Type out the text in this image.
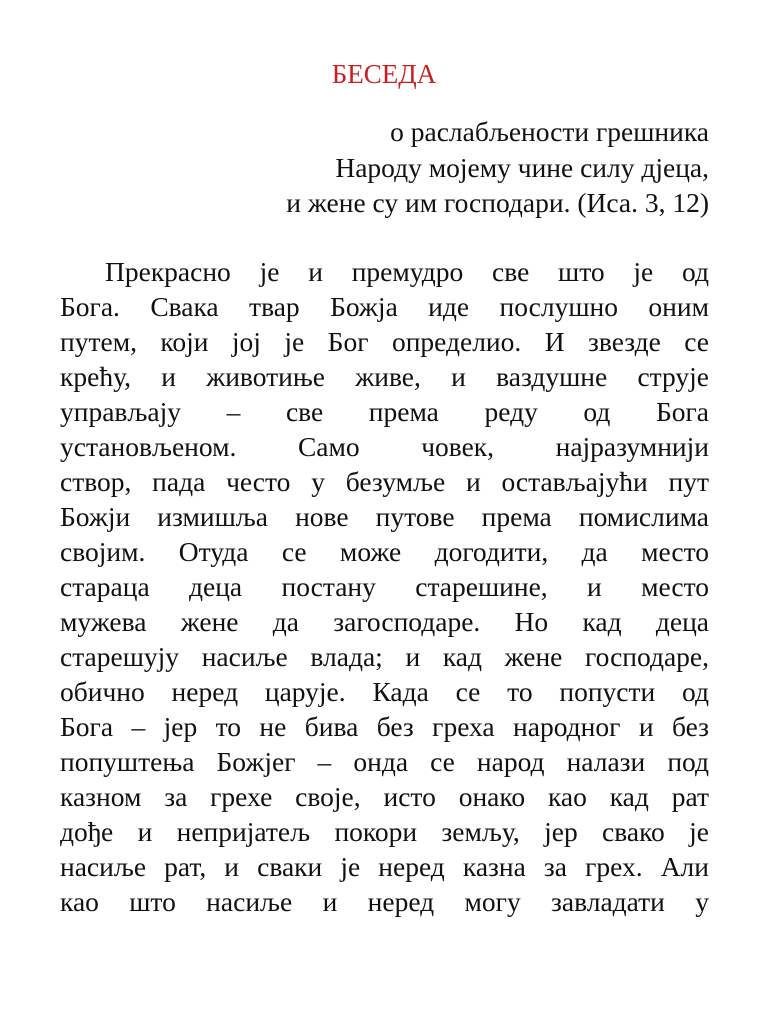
БЕСЕДА
о раслабљености грешника
Народу мојему чине силу дјеца,
и жене су им господари. (Иса. 3, 12)
Прекрасно је и премудро све што је од
Бога. Свака твар Божја иде послушно оним
путем, који јој је Бог определио. И звезде се
крећу, и животиње живе, и ваздушне струје
управљају – све према реду од Бога
установљеном. Само човек, најразумнији
створ, пада често у безумље и остављајући пут
Божји измишља нове путове према помислима
својим. Отуда се може догодити, да место
стараца деца постану старешине, и место
мужева жене да загосподаре. Но кад деца
старешују насиље влада; и кад жене господаре,
обично неред царује. Када се то попусти од
Бога – јер то не бива без греха народног и без
попуштења Божјег – онда се народ налази под
казном за грехе своје, исто онако као кад рат
дође и непријатељ покори земљу, јер свако је
насиље рат, и сваки је неред казна за грех. Али
као што насиље и неред могу завладати у
